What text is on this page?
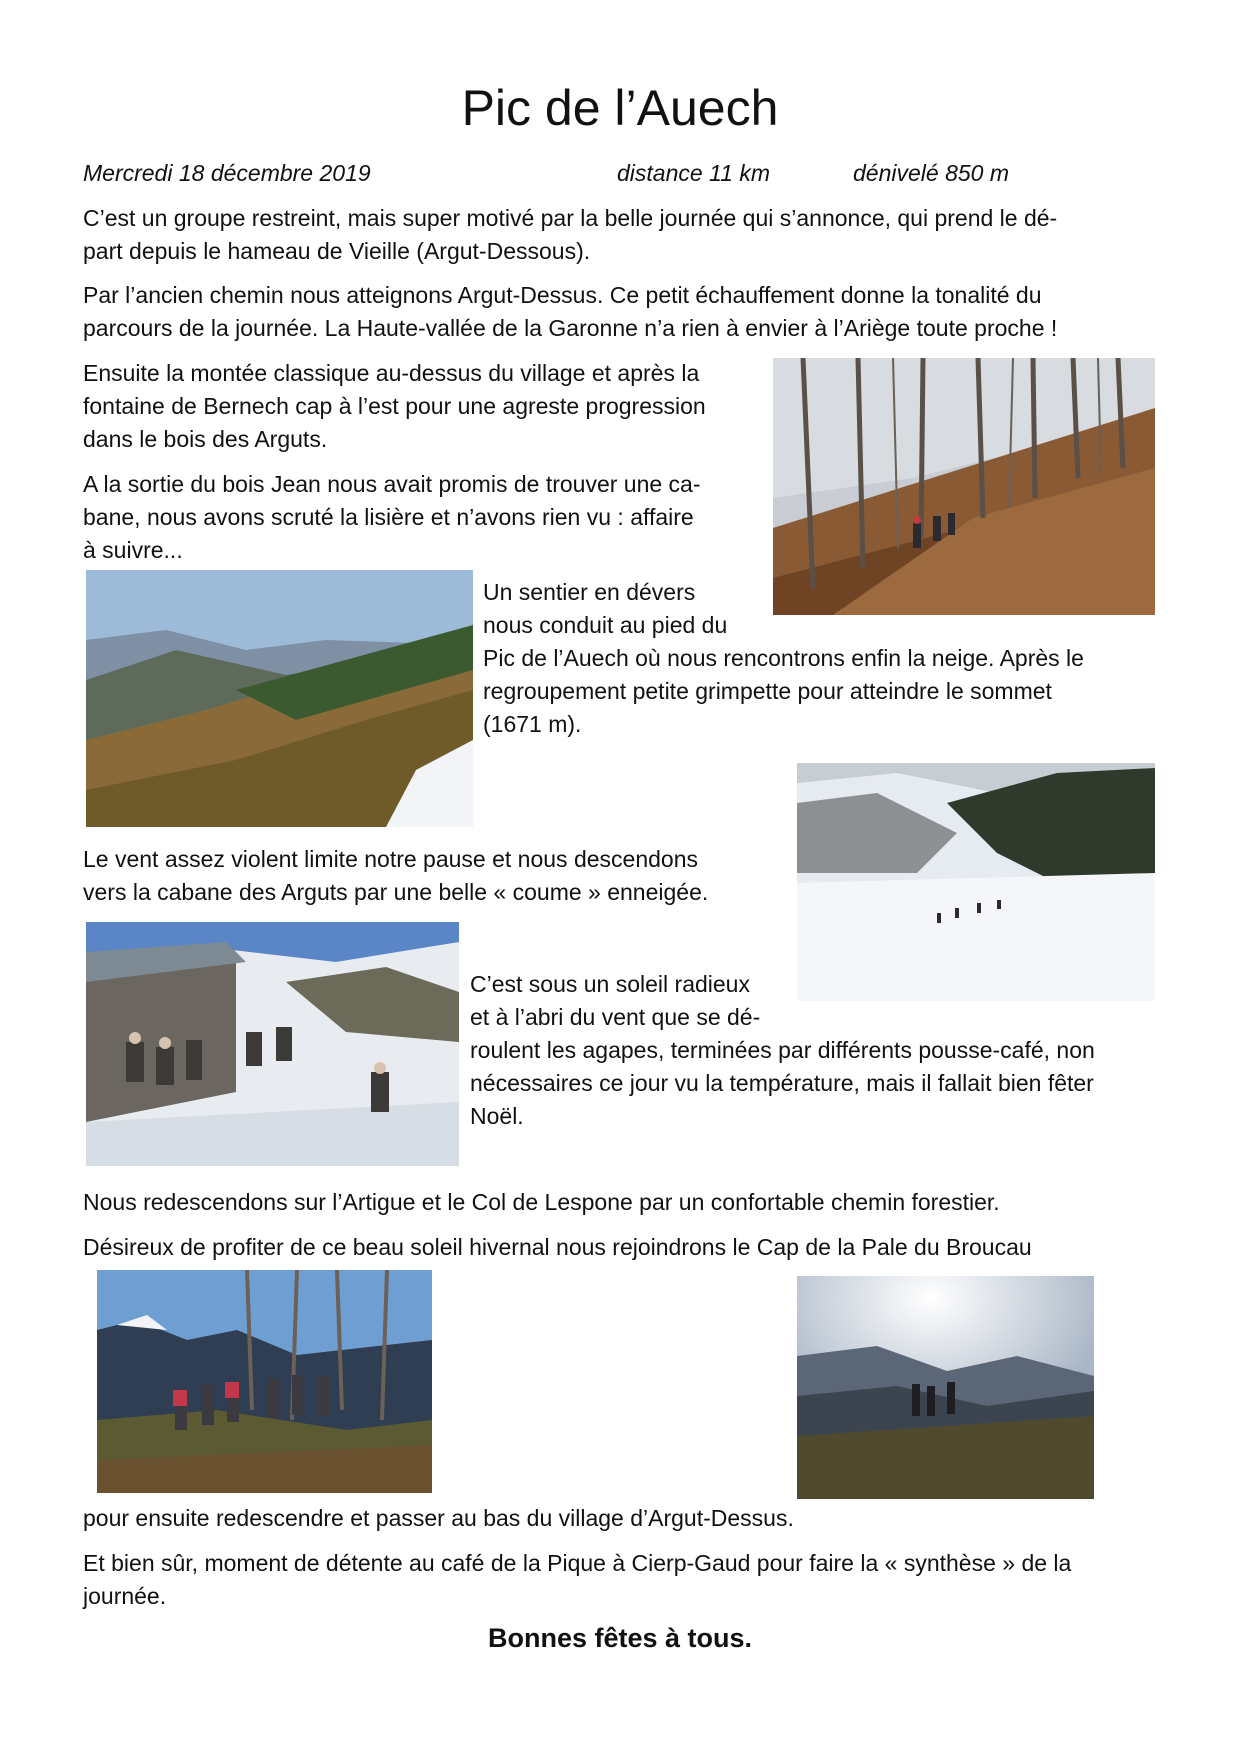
Pic de l’Auech
Mercredi 18 décembre 2019	distance 11 km	dénivelé 850 m
C’est un groupe restreint, mais super motivé par la belle journée qui s’annonce, qui prend le dé-
part depuis le hameau de Vieille (Argut-Dessous).
Par l’ancien chemin nous atteignons Argut-Dessus. Ce petit échauffement donne la tonalité du
parcours de la journée. La Haute-vallée de la Garonne n’a rien à envier à l’Ariège toute proche !
Ensuite la montée classique au-dessus du village et après la
fontaine de Bernech cap à l’est pour une agreste progression
dans le bois des Arguts.
A la sortie du bois Jean nous avait promis de trouver une ca-
bane, nous avons scruté la lisière et n’avons rien vu : affaire
à suivre...
Un sentier en dévers
nous conduit au pied du
Pic de l’Auech où nous rencontrons enfin la neige. Après le
regroupement petite grimpette pour atteindre le sommet
(1671 m).
Le vent assez violent limite notre pause et nous descendons
vers la cabane des Arguts par une belle « coume » enneigée.
C’est sous un soleil radieux
et à l’abri du vent que se dé-
roulent les agapes, terminées par différents pousse-café, non
nécessaires ce jour vu la température, mais il fallait bien fêter
Noël.
Nous redescendons sur l’Artigue et le Col de Lespone par un confortable chemin forestier.
Désireux de profiter de ce beau soleil hivernal nous rejoindrons le Cap de la Pale du Broucau
pour ensuite redescendre et passer au bas du village d’Argut-Dessus.
Et bien sûr, moment de détente au café de la Pique à Cierp-Gaud pour faire la « synthèse » de la
journée.
Bonnes fêtes à tous.
